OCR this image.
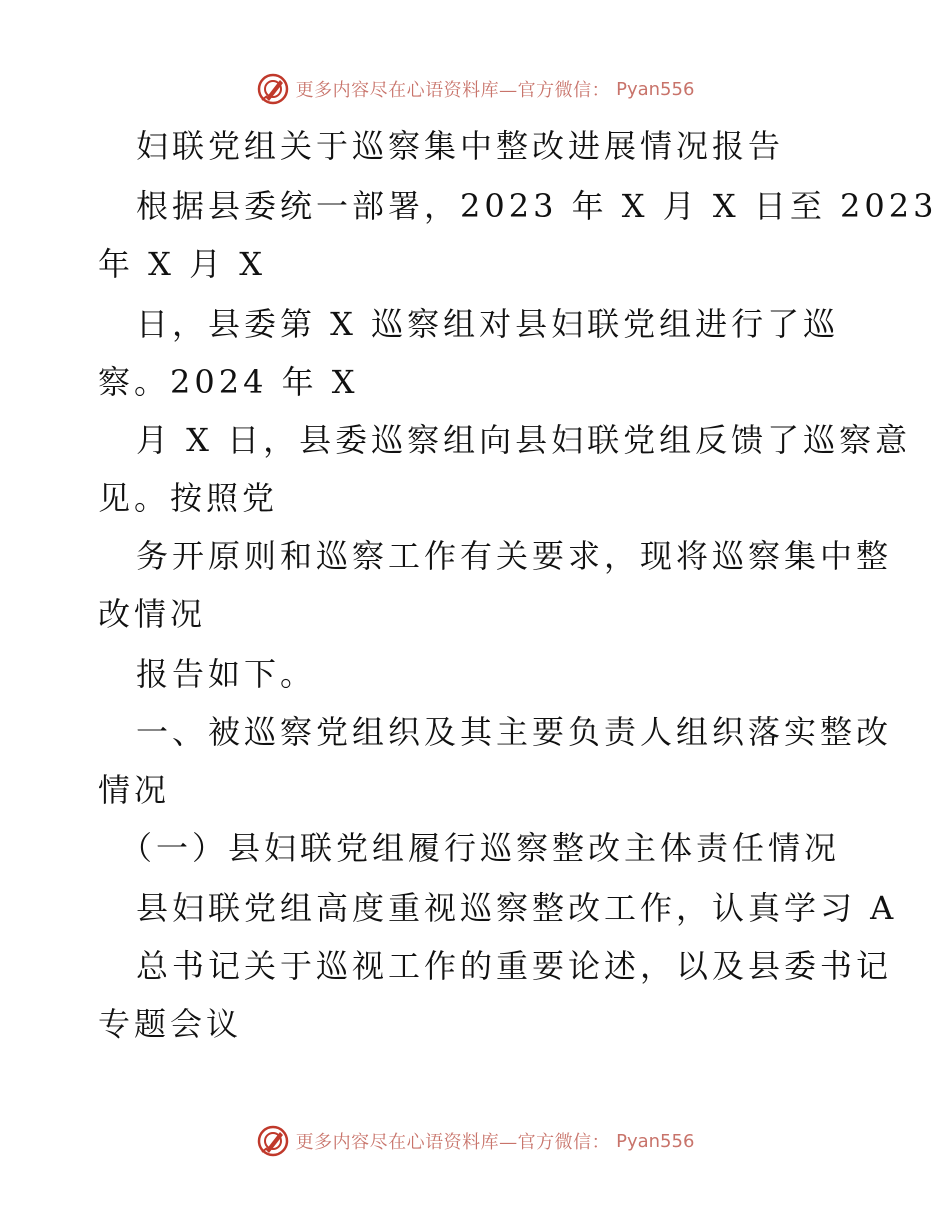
更多内容尽在心语资料库—官方微信： Pyan556
妇联党组关于巡察集中整改进展情况报告
根据县委统一部署，2023 年 X 月 X 日至 2023
年 X 月 X
日，县委第 X 巡察组对县妇联党组进行了巡
察。2024 年 X
月 X 日，县委巡察组向县妇联党组反馈了巡察意
见。按照党
务开原则和巡察工作有关要求，现将巡察集中整
改情况
报告如下。
一、被巡察党组织及其主要负责人组织落实整改
情况
（一）县妇联党组履行巡察整改主体责任情况
县妇联党组高度重视巡察整改工作，认真学习 A
总书记关于巡视工作的重要论述，以及县委书记
专题会议
更多内容尽在心语资料库—官方微信： Pyan556
